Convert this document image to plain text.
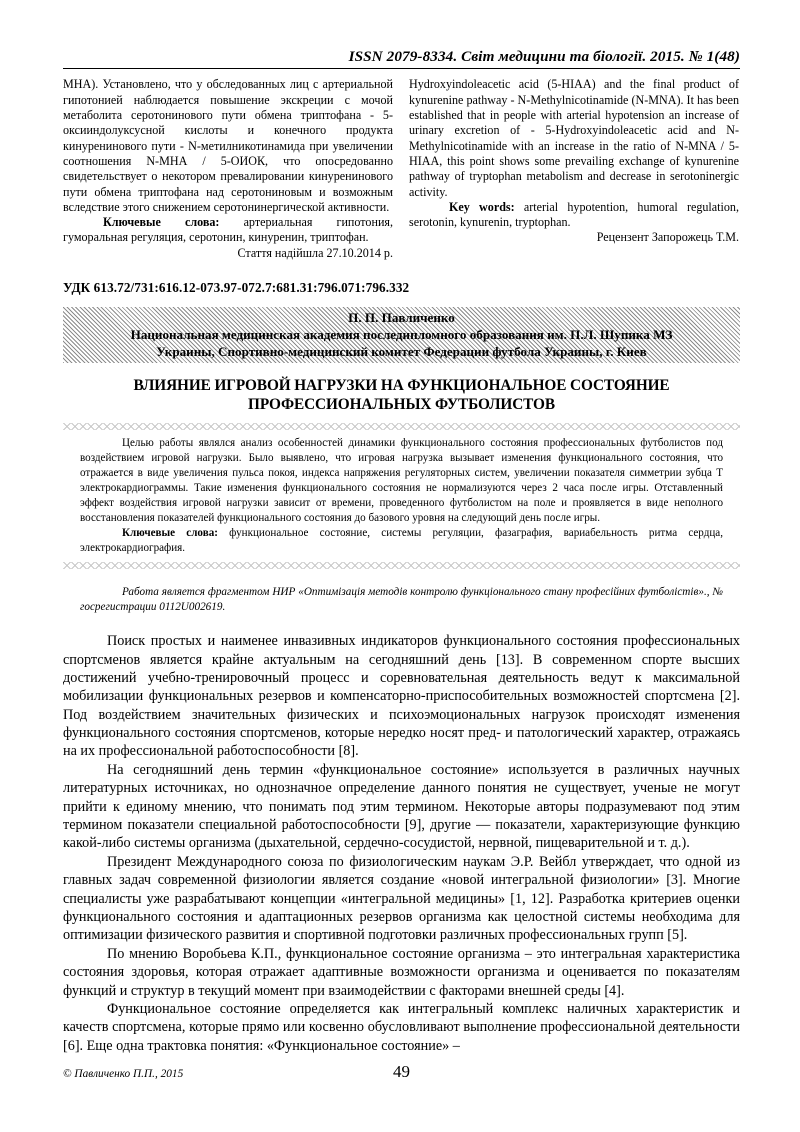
ISSN 2079-8334. Світ медицини та біології. 2015. № 1(48)

МНА). Установлено, что у обследованных лиц с артериальной гипотонией наблюдается повышение экскреции с мочой метаболита серотонинового пути обмена триптофана - 5-оксииндолуксусной кислоты и конечного продукта кинуренинового пути - N-метилникотинамида при увеличении соотношения N-МНА / 5-ОИОК, что опосредованно свидетельствует о некотором превалировании кинуренинового пути обмена триптофана над серотониновым и возможным вследствие этого снижением серотонинергической активности.

Ключевые слова: артериальная гипотония, гуморальная регуляция, серотонин, кинуренин, триптофан.

Стаття надійшла 27.10.2014 р.

Hydroxyindoleacetic acid (5-HIAA) and the final product of kynurenine pathway - N-Methylnicotinamide (N-MNA). It has been established that in people with arterial hypotension an increase of urinary excretion of - 5-Hydroxyindoleacetic acid and N-Methylnicotinamide with an increase in the ratio of N-MNA / 5-HIAA, this point shows some prevailing exchange of kynurenine pathway of tryptophan metabolism and decrease in serotoninergic activity.

Key words: arterial hypotention, humoral regulation, serotonin, kynurenin, tryptophan.

Рецензент Запорожець Т.М.

УДК 613.72/731:616.12-073.97-072.7:681.31:796.071:796.332
П. П. Павличенко
Национальная медицинская академия последипломного образования им. П.Л. Шупика МЗ
Украины, Спортивно-медицинский комитет Федерации футбола Украины, г. Киев
ВЛИЯНИЕ ИГРОВОЙ НАГРУЗКИ НА ФУНКЦИОНАЛЬНОЕ СОСТОЯНИЕ
ПРОФЕССИОНАЛЬНЫХ ФУТБОЛИСТОВ

Целью работы являлся анализ особенностей динамики функционального состояния профессиональных футболистов под воздействием игровой нагрузки. Было выявлено, что игровая нагрузка вызывает изменения функционального состояния, что отражается в виде увеличения пульса покоя, индекса напряжения регуляторных систем, увеличении показателя симметрии зубца Т электрокардиограммы. Такие изменения функционального состояния не нормализуются через 2 часа после игры. Отставленный эффект воздействия игровой нагрузки зависит от времени, проведенного футболистом на поле и проявляется в виде неполного восстановления показателей функционального состояния до базового уровня на следующий день после игры.

Ключевые слова: функциональное состояние, системы регуляции, фазаграфия, вариабельность ритма сердца, электрокардиография.

Работа является фрагментом НИР «Оптимізація методів контролю функціонального стану професійних футболістів»., № госрегистрации 0112U002619.

Поиск простых и наименее инвазивных индикаторов функционального состояния профессиональных спортсменов является крайне актуальным на сегодняшний день [13]. В современном спорте высших достижений учебно-тренировочный процесс и соревновательная деятельность ведут к максимальной мобилизации функциональных резервов и компенсаторно-приспособительных возможностей спортсмена [2]. Под воздействием значительных физических и психоэмоциональных нагрузок происходят изменения функционального состояния спортсменов, которые нередко носят пред- и патологический характер, отражаясь на их профессиональной работоспособности [8].

На сегодняшний день термин «функциональное состояние» используется в различных научных литературных источниках, но однозначное определение данного понятия не существует, ученые не могут прийти к единому мнению, что понимать под этим термином. Некоторые авторы подразумевают под этим термином показатели специальной работоспособности [9], другие — показатели, характеризующие функцию какой-либо системы организма (дыхательной, сердечно-сосудистой, нервной, пищеварительной и т. д.).

Президент Международного союза по физиологическим наукам Э.Р. Вейбл утверждает, что одной из главных задач современной физиологии является создание «новой интегральной физиологии» [3]. Многие специалисты уже разрабатывают концепции «интегральной медицины» [1, 12]. Разработка критериев оценки функционального состояния и адаптационных резервов организма как целостной системы необходима для оптимизации физического развития и спортивной подготовки различных профессиональных групп [5].

По мнению Воробьева К.П., функциональное состояние организма – это интегральная характеристика состояния здоровья, которая отражает адаптивные возможности организма и оценивается по показателям функций и структур в текущий момент при взаимодействии с факторами внешней среды [4].

Функциональное состояние определяется как интегральный комплекс наличных характеристик и качеств спортсмена, которые прямо или косвенно обусловливают выполнение профессиональной деятельности [6]. Еще одна трактовка понятия: «Функциональное состояние» –

© Павличенко П.П., 2015	49
